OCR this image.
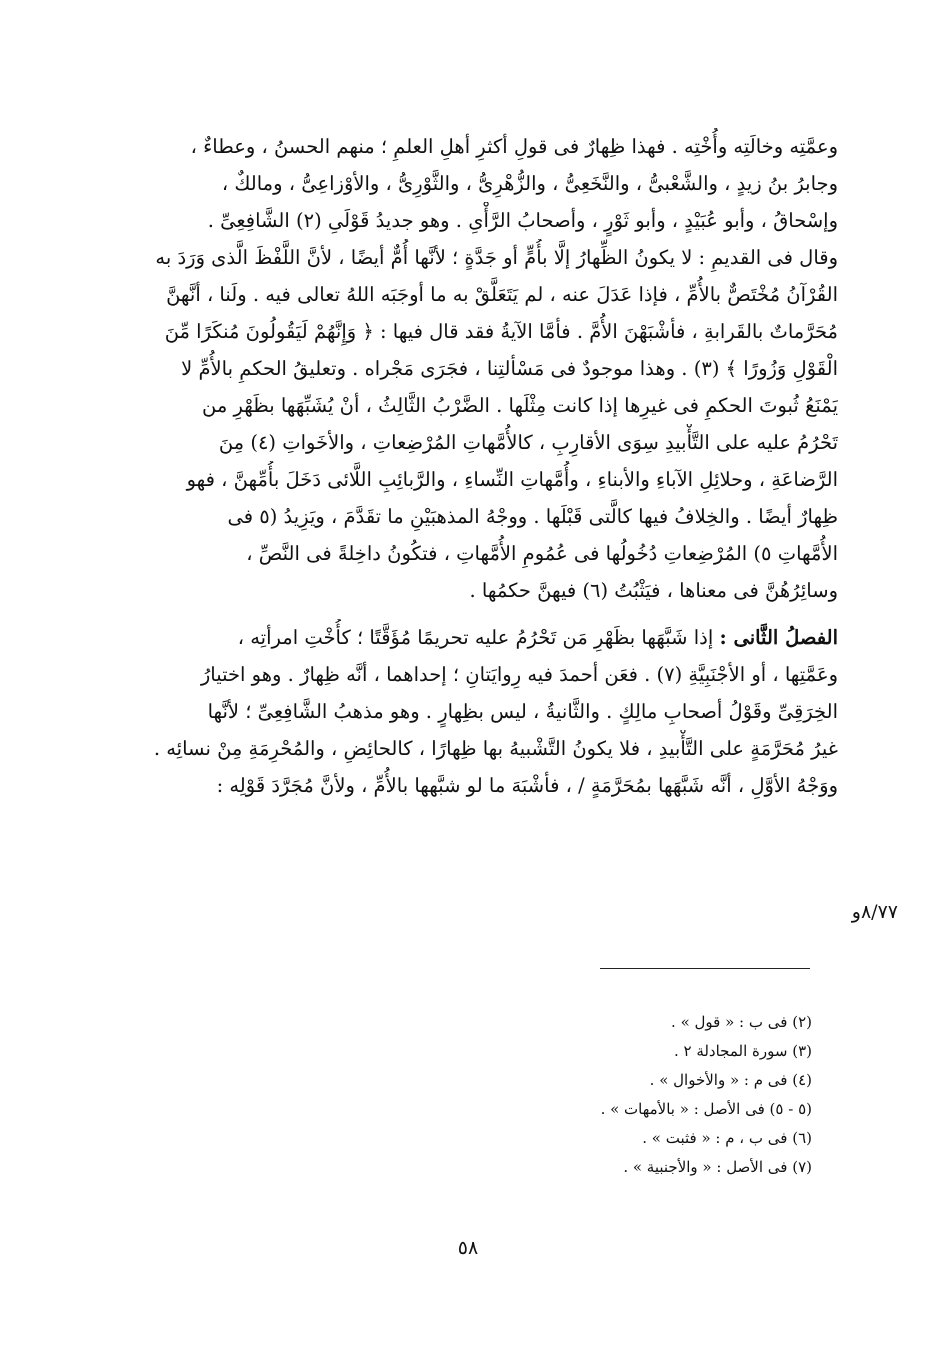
وعمَّتِه وخالَتِه وأُخْتِه . فهذا ظِهارٌ فى قولِ أكثرِ أهلِ العلمِ ؛ منهم الحسنُ ، وعطاءٌ ،
وجابرُ بنُ زيدٍ ، والشَّعْبىُّ ، والنَّخَعِىُّ ، والزُّهْرِىُّ ، والثَّوْرِىُّ ، والأوْزاعِىُّ ، ومالكٌ ،
وإسْحاقُ ، وأبو عُبَيْدٍ ، وأبو ثَوْرٍ ، وأصحابُ الرَّأْىِ . وهو جديدُ قَوْلَىِ (٢) الشَّافِعِىِّ .
وقال فى القديمِ : لا يكونُ الظِّهارُ إلَّا بأُمٍّ أو جَدَّةٍ ؛ لأنَّها أُمٌّ أيضًا ، لأنَّ اللَّفْظَ الَّذى وَرَدَ به
القُرْآنُ مُخْتَصٌّ بالأُمِّ ، فإذا عَدَلَ عنه ، لم يَتَعَلَّقْ به ما أوجَبَه اللهُ تعالى فيه . ولَنا ، أنَّهنَّ
مُحَرَّماتٌ بالقَرابةِ ، فأشْبَهْنَ الأُمَّ . فأمَّا الآيةُ فقد قال فيها : ﴿ وَإِنَّهُمْ لَيَقُولُونَ مُنكَرًا مِّنَ
الْقَوْلِ وَزُورًا ﴾ (٣) . وهذا موجودٌ فى مَسْألتِنا ، فجَرَى مَجْراه . وتعليقُ الحكمِ بالأُمِّ لا
يَمْنَعُ ثُبوتَ الحكمِ فى غيرِها إذا كانت مِثْلَها . الضَّرْبُ الثَّالِثُ ، أنْ يُشَبِّهَها بظَهْرِ من
تَحْرُمُ عليه على التَّأْبيدِ سِوَى الأقارِبِ ، كالأُمَّهاتِ المُرْضِعاتِ ، والأخَواتِ (٤) مِنَ
الرَّضاعَةِ ، وحلائِلِ الآباءِ والأبناءِ ، وأُمَّهاتِ النِّساءِ ، والرَّبائِبِ اللَّائى دَخَلَ بأُمِّهنَّ ، فهو
ظِهارٌ أيضًا . والخِلافُ فيها كالَّتى قَبْلَها . ووجْهُ المذهبَيْنِ ما تقَدَّمَ ، ويَزِيدُ (٥ فى
الأُمَّهاتِ ٥) المُرْضِعاتِ دُخُولُها فى عُمُومِ الأُمَّهاتِ ، فتكُونُ داخِلةً فى النَّصِّ ،
وسائِرُهُنَّ فى معناها ، فيَثْبُتُ (٦) فيهنَّ حكمُها .
الفصلُ الثَّانى : إذا شَبَّهَها بظَهْرِ مَن تَحْرُمُ عليه تحريمًا مُؤَقَّتًا ؛ كأُخْتِ امرأتِه ،
وعَمَّتِها ، أو الأجْنَبِيَّةِ (٧) . فعَن أحمدَ فيه رِوايَتانِ ؛ إحداهما ، أنَّه ظِهارٌ . وهو اختيارُ
الخِرَقِىِّ وقَوْلُ أصحابِ مالِكٍ . والثَّانيةُ ، ليس بظِهارٍ . وهو مذهبُ الشَّافِعِىِّ ؛ لأنَّها
غيرُ مُحَرَّمَةٍ على التَّأْبيدِ ، فلا يكونُ التَّشْبيهُ بها ظِهارًا ، كالحائِضِ ، والمُحْرِمَةِ مِنْ نسائِه .
ووَجْهُ الأوَّلِ ، أنَّه شَبَّهَها بمُحَرَّمَةٍ / ، فأشْبَهَ ما لو شبَّهها بالأُمِّ ، ولأنَّ مُجَرَّدَ قَوْلِه :
٨/٧٧و
(٢) فى ب : « قول » .
(٣) سورة المجادلة ٢ .
(٤) فى م : « والأخوال » .
(٥ - ٥) فى الأصل : « بالأمهات » .
(٦) فى ب ، م : « فثبت » .
(٧) فى الأصل : « والأجنبية » .
٥٨
